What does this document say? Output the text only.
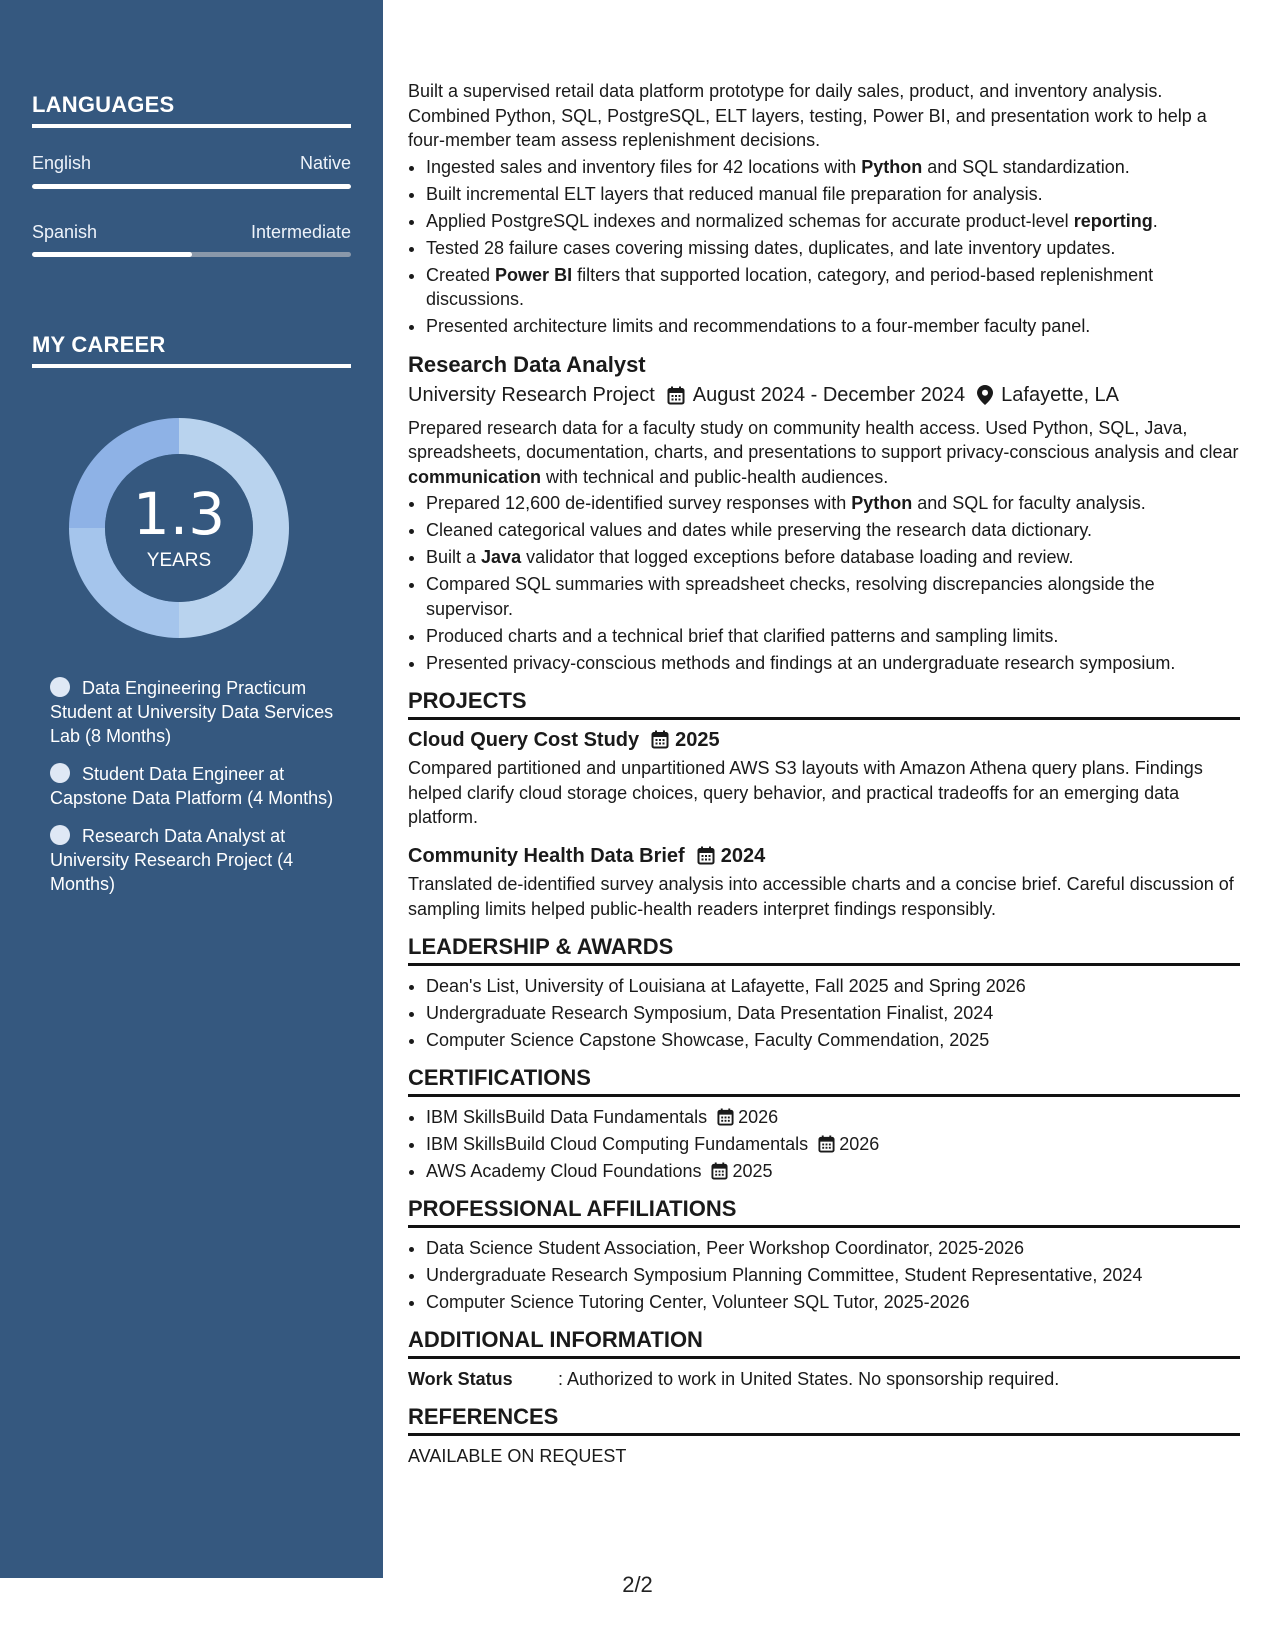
LANGUAGES
English	Native
Spanish	Intermediate
MY CAREER
1.3
YEARS
Data Engineering Practicum Student at University Data Services Lab (8 Months)
Student Data Engineer at Capstone Data Platform (4 Months)
Research Data Analyst at University Research Project (4 Months)

Built a supervised retail data platform prototype for daily sales, product, and inventory analysis. Combined Python, SQL, PostgreSQL, ELT layers, testing, Power BI, and presentation work to help a four-member team assess replenishment decisions.

• Ingested sales and inventory files for 42 locations with Python and SQL standardization.
• Built incremental ELT layers that reduced manual file preparation for analysis.
• Applied PostgreSQL indexes and normalized schemas for accurate product-level reporting.
• Tested 28 failure cases covering missing dates, duplicates, and late inventory updates.
• Created Power BI filters that supported location, category, and period-based replenishment discussions.
• Presented architecture limits and recommendations to a four-member faculty panel.
Research Data Analyst
University Research Project August 2024 - December 2024 Lafayette, LA

Prepared research data for a faculty study on community health access. Used Python, SQL, Java, spreadsheets, documentation, charts, and presentations to support privacy-conscious analysis and clear communication with technical and public-health audiences.

• Prepared 12,600 de-identified survey responses with Python and SQL for faculty analysis.
• Cleaned categorical values and dates while preserving the research data dictionary.
• Built a Java validator that logged exceptions before database loading and review.
• Compared SQL summaries with spreadsheet checks, resolving discrepancies alongside the supervisor.
• Produced charts and a technical brief that clarified patterns and sampling limits.
• Presented privacy-conscious methods and findings at an undergraduate research symposium.
PROJECTS
Cloud Query Cost Study 2025

Compared partitioned and unpartitioned AWS S3 layouts with Amazon Athena query plans. Findings helped clarify cloud storage choices, query behavior, and practical tradeoffs for an emerging data platform.

Community Health Data Brief 2024

Translated de-identified survey analysis into accessible charts and a concise brief. Careful discussion of sampling limits helped public-health readers interpret findings responsibly.

LEADERSHIP & AWARDS
• Dean's List, University of Louisiana at Lafayette, Fall 2025 and Spring 2026
• Undergraduate Research Symposium, Data Presentation Finalist, 2024
• Computer Science Capstone Showcase, Faculty Commendation, 2025
CERTIFICATIONS
• IBM SkillsBuild Data Fundamentals 2026
• IBM SkillsBuild Cloud Computing Fundamentals 2026
• AWS Academy Cloud Foundations 2025
PROFESSIONAL AFFILIATIONS
• Data Science Student Association, Peer Workshop Coordinator, 2025-2026
• Undergraduate Research Symposium Planning Committee, Student Representative, 2024
• Computer Science Tutoring Center, Volunteer SQL Tutor, 2025-2026
ADDITIONAL INFORMATION
Work Status	: Authorized to work in United States. No sponsorship required.
REFERENCES
AVAILABLE ON REQUEST
2/2
